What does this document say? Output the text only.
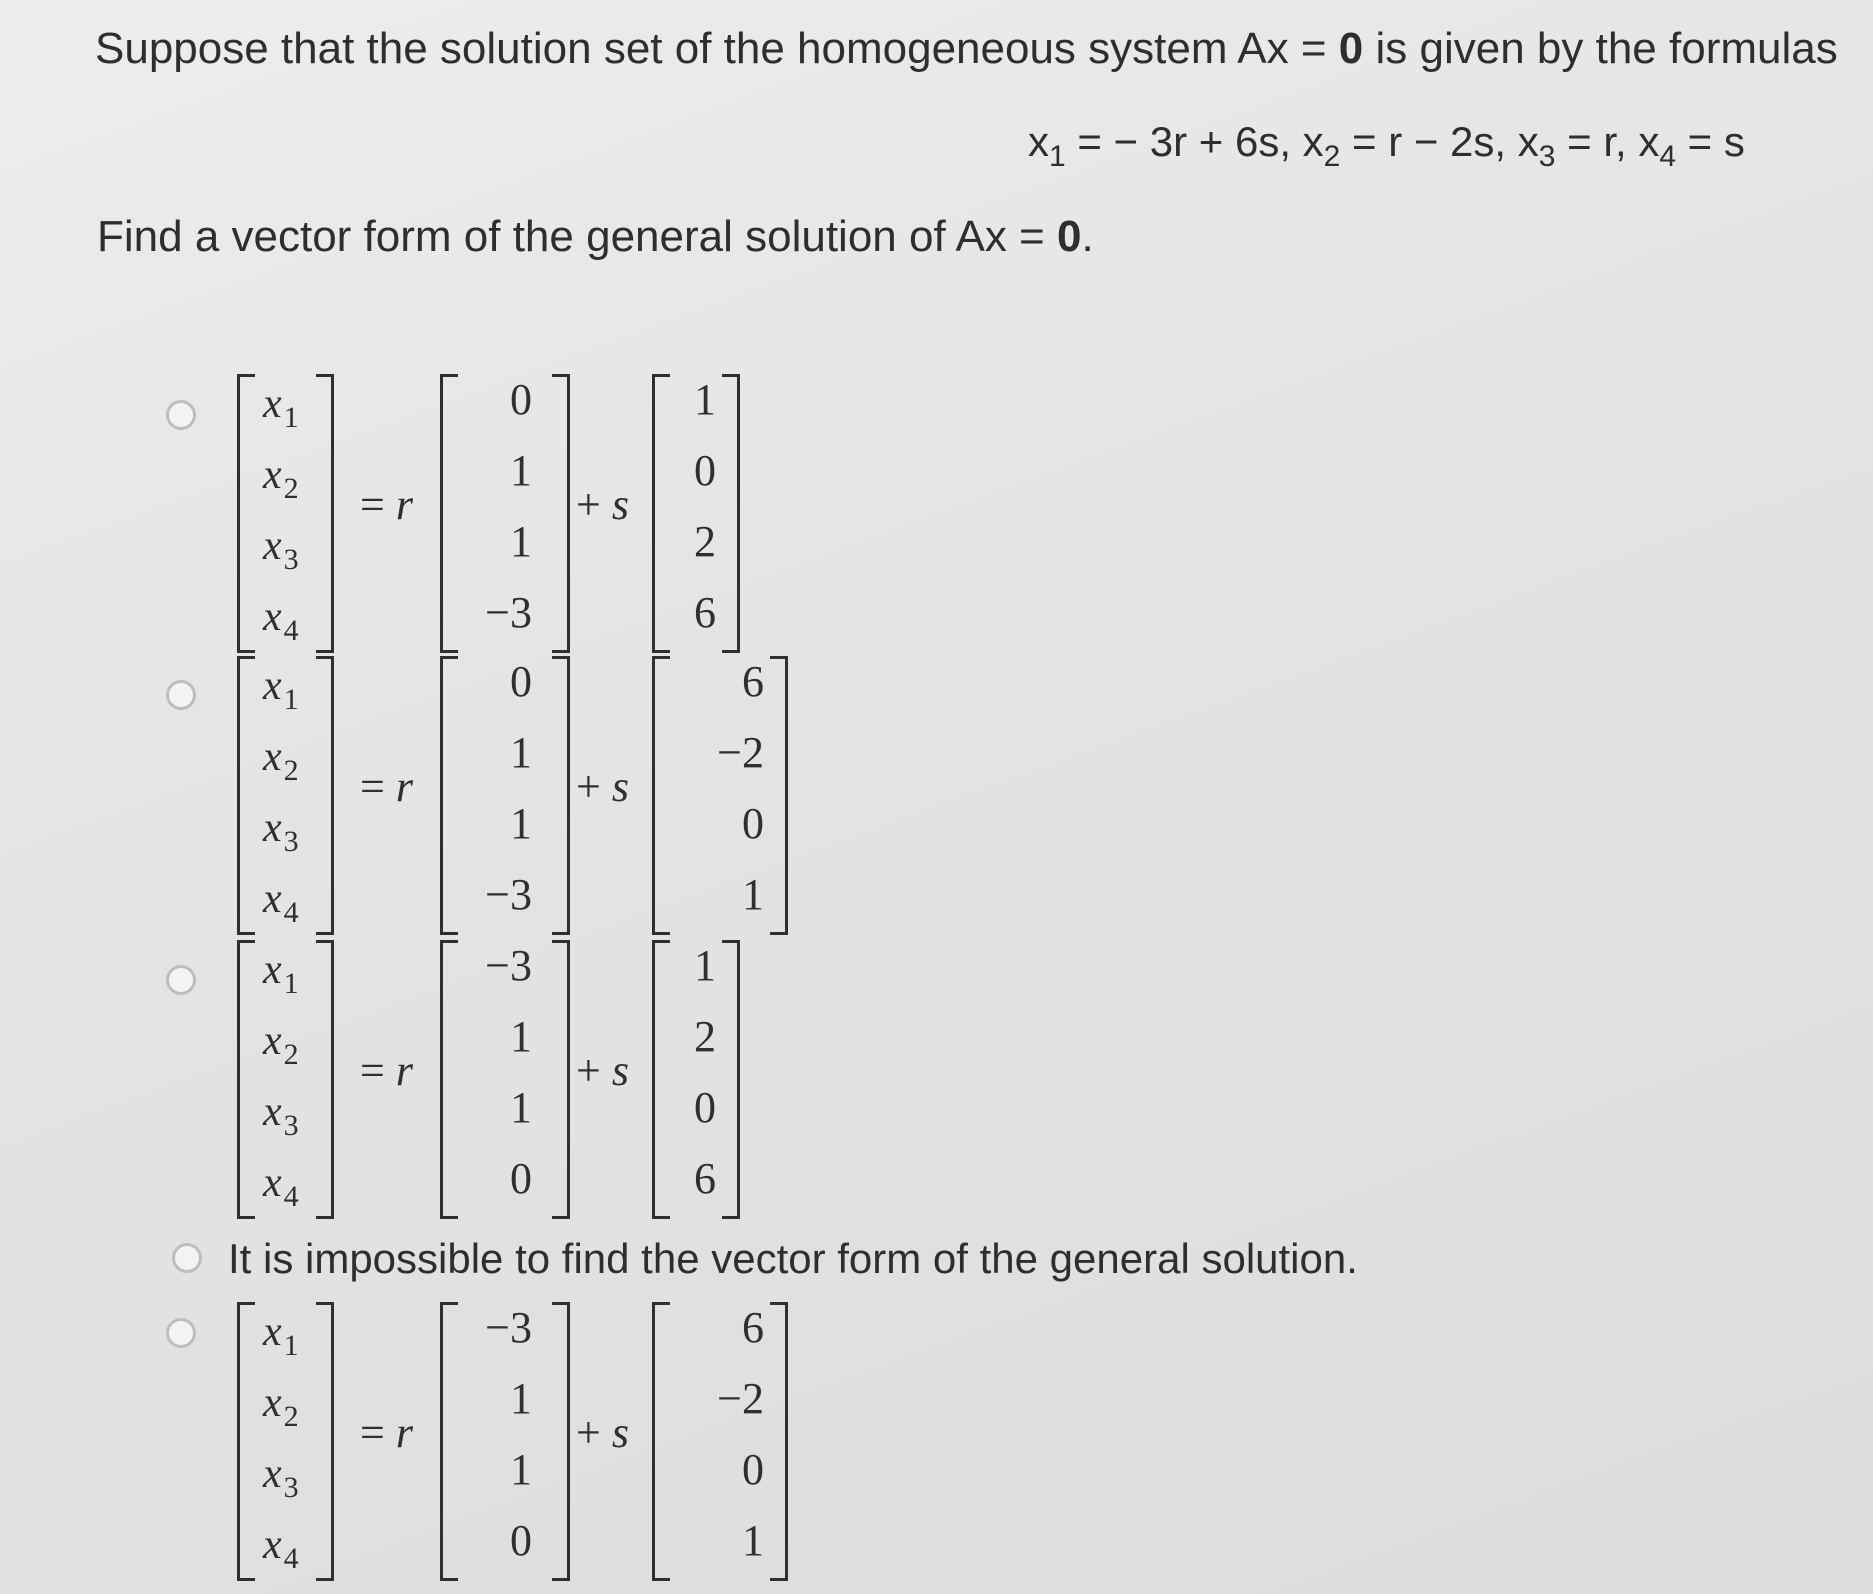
Suppose that the solution set of the homogeneous system Ax = 0 is given by the formulas
$x_1$ = − 3r + 6s, $x_2 = r - 2s$, $x_3 = r$, $x_4 = s$
Find a vector form of the general solution of Ax = 0.
$x_1$
$x_2$
$x_3$
$x_4$
= r
0
1
1
−3
+ s
1
0
2
6
$x_1$
$x_2$
$x_3$
$x_4$
= r
0
1
1
−3
+ s
6
−2
0
1
$x_1$
$x_2$
$x_3$
$x_4$
= r
−3
1
1
0
+ s
1
2
0
6
It is impossible to find the vector form of the general solution.
$x_1$
$x_2$
$x_3$
$x_4$
= r
−3
1
1
0
+ s
6
−2
0
1
